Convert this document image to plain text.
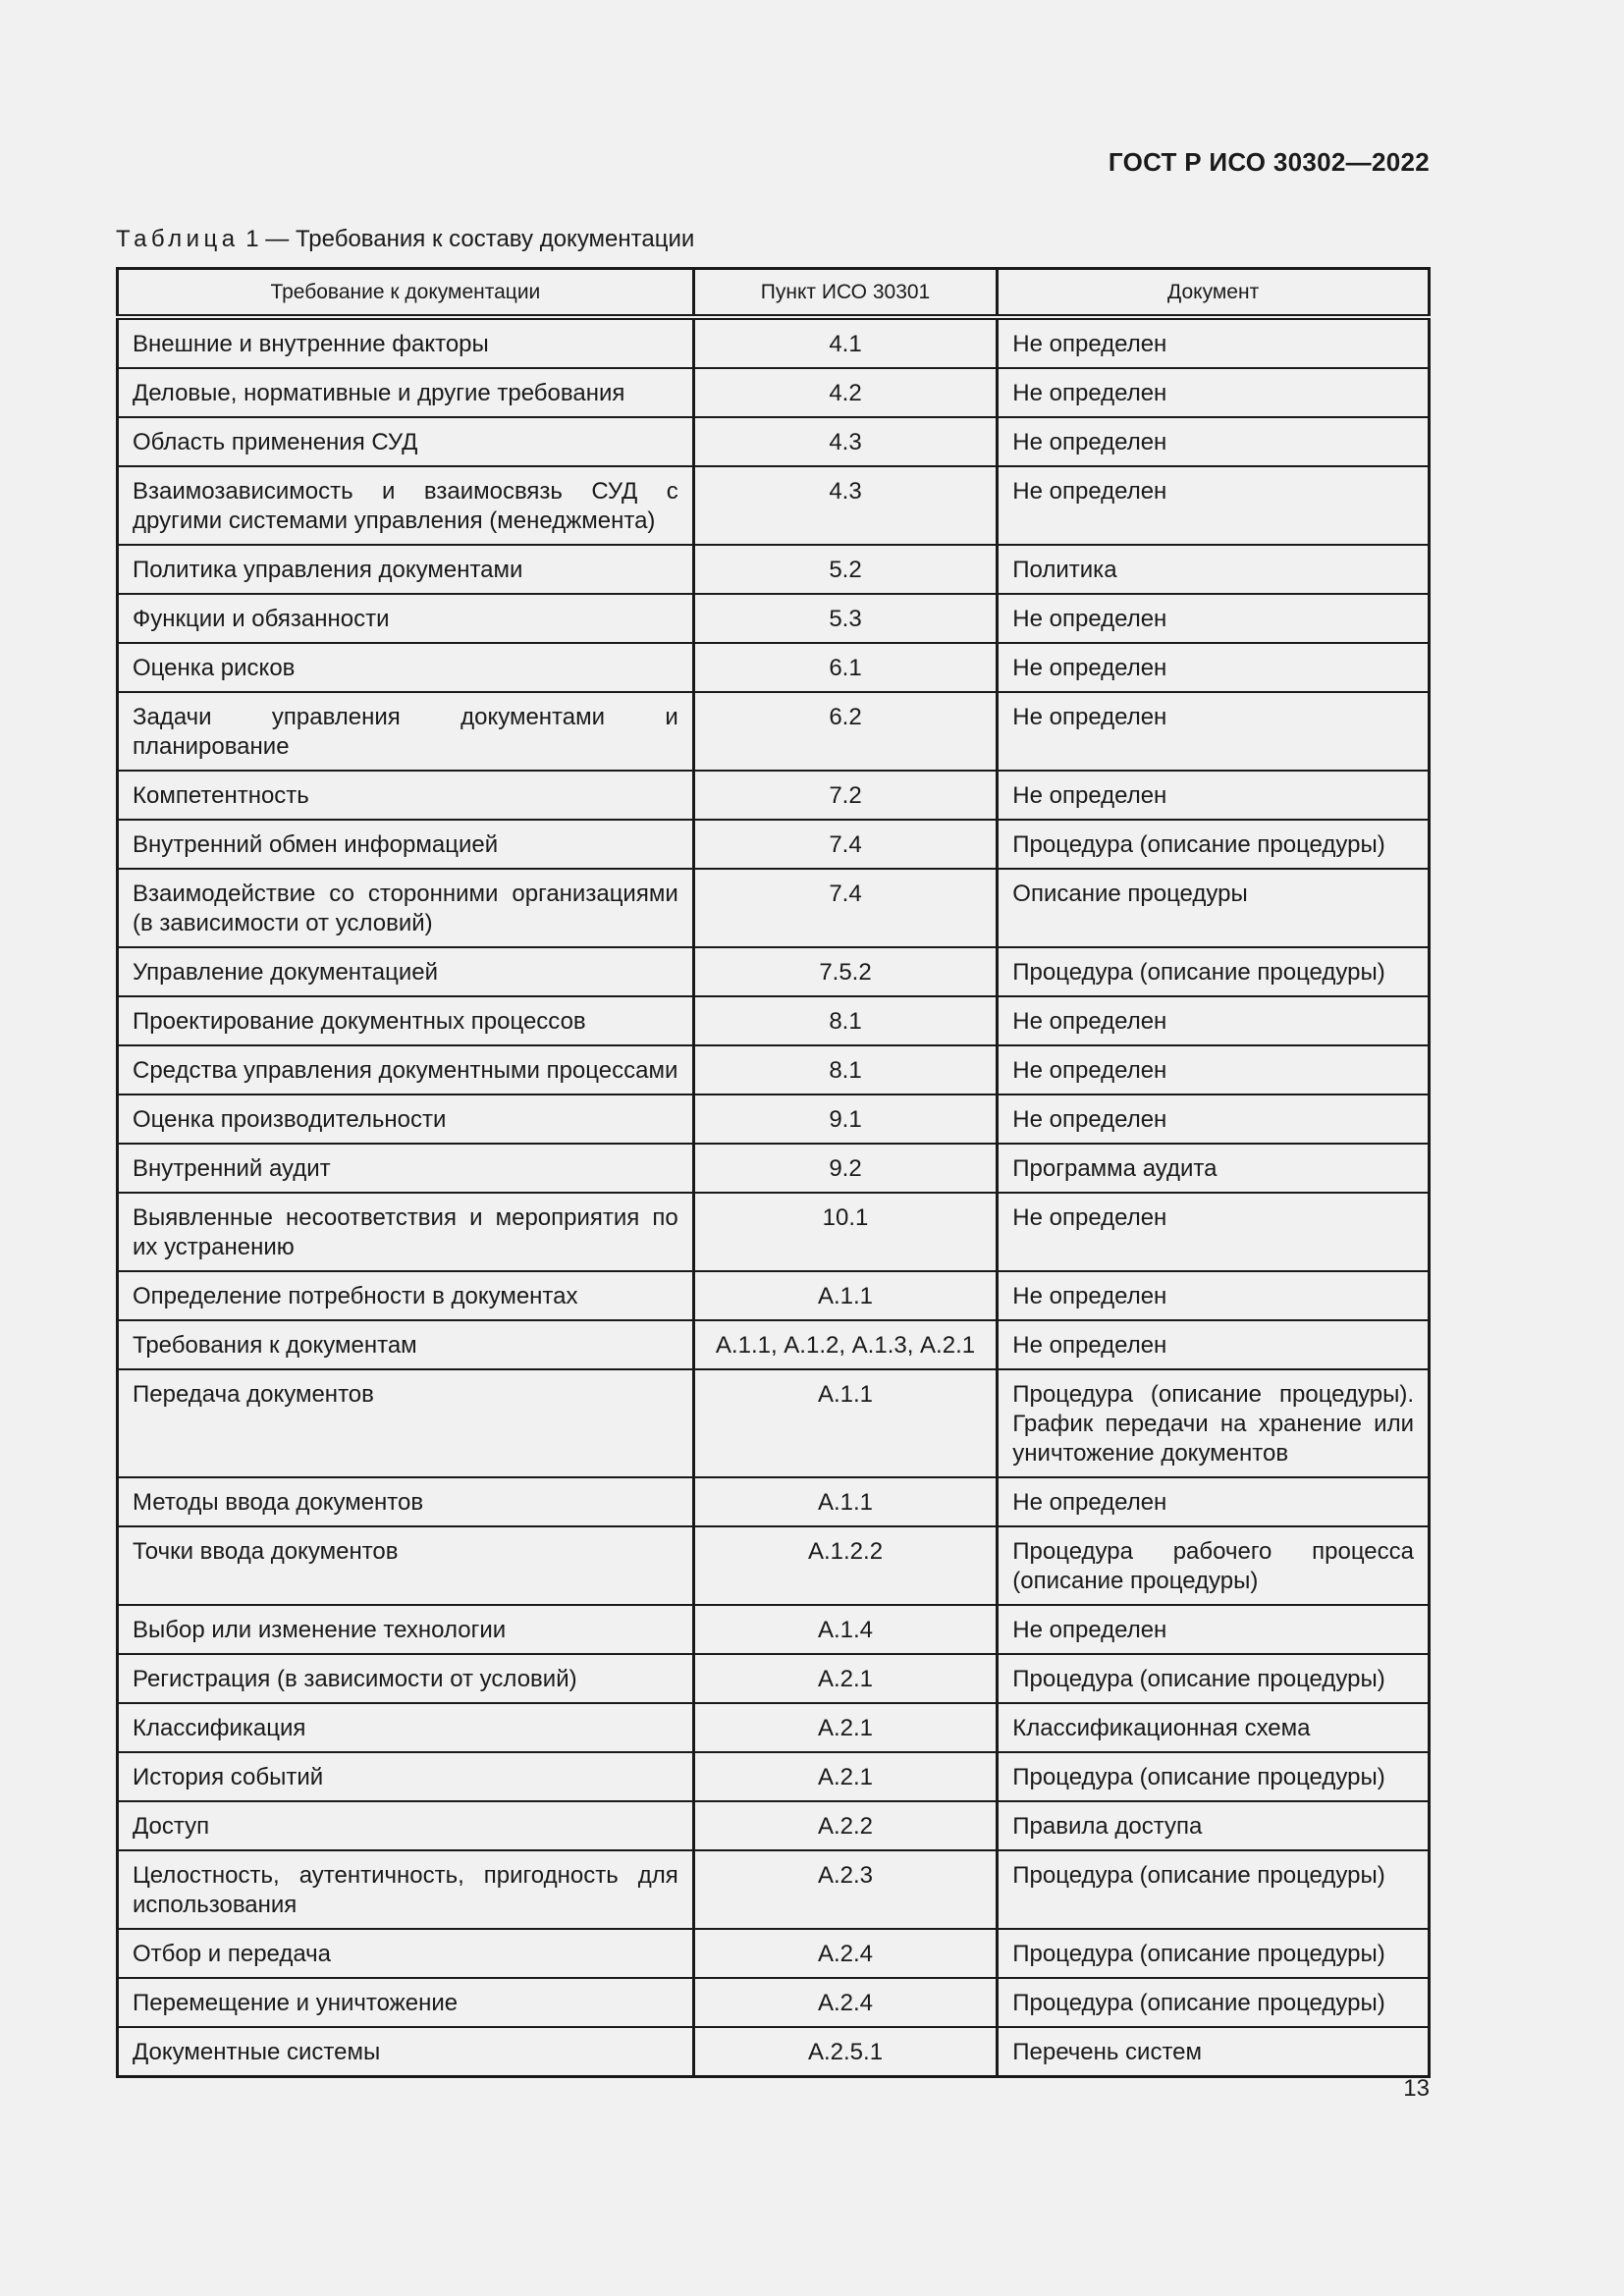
ГОСТ Р ИСО 30302—2022
Таблица 1 — Требования к составу документации
Требование к документации	Пункт ИСО 30301	Документ
Внешние и внутренние факторы	4.1	Не определен
Деловые, нормативные и другие требования	4.2	Не определен
Область применения СУД	4.3	Не определен
Взаимозависимость и взаимосвязь СУД с другими системами управления (менеджмента)	4.3	Не определен
Политика управления документами	5.2	Политика
Функции и обязанности	5.3	Не определен
Оценка рисков	6.1	Не определен
Задачи управления документами и планирование	6.2	Не определен
Компетентность	7.2	Не определен
Внутренний обмен информацией	7.4	Процедура (описание процедуры)
Взаимодействие со сторонними организациями (в зависимости от условий)	7.4	Описание процедуры
Управление документацией	7.5.2	Процедура (описание процедуры)
Проектирование документных процессов	8.1	Не определен
Средства управления документными процессами	8.1	Не определен
Оценка производительности	9.1	Не определен
Внутренний аудит	9.2	Программа аудита
Выявленные несоответствия и мероприятия по их устранению	10.1	Не определен
Определение потребности в документах	А.1.1	Не определен
Требования к документам	А.1.1, А.1.2, А.1.3, А.2.1	Не определен
Передача документов	А.1.1	Процедура (описание процедуры). График передачи на хранение или уничтожение документов
Методы ввода документов	А.1.1	Не определен
Точки ввода документов	А.1.2.2	Процедура рабочего процесса (описание процедуры)
Выбор или изменение технологии	А.1.4	Не определен
Регистрация (в зависимости от условий)	А.2.1	Процедура (описание процедуры)
Классификация	А.2.1	Классификационная схема
История событий	А.2.1	Процедура (описание процедуры)
Доступ	А.2.2	Правила доступа
Целостность, аутентичность, пригодность для использования	А.2.3	Процедура (описание процедуры)
Отбор и передача	А.2.4	Процедура (описание процедуры)
Перемещение и уничтожение	А.2.4	Процедура (описание процедуры)
Документные системы	А.2.5.1	Перечень систем
13
